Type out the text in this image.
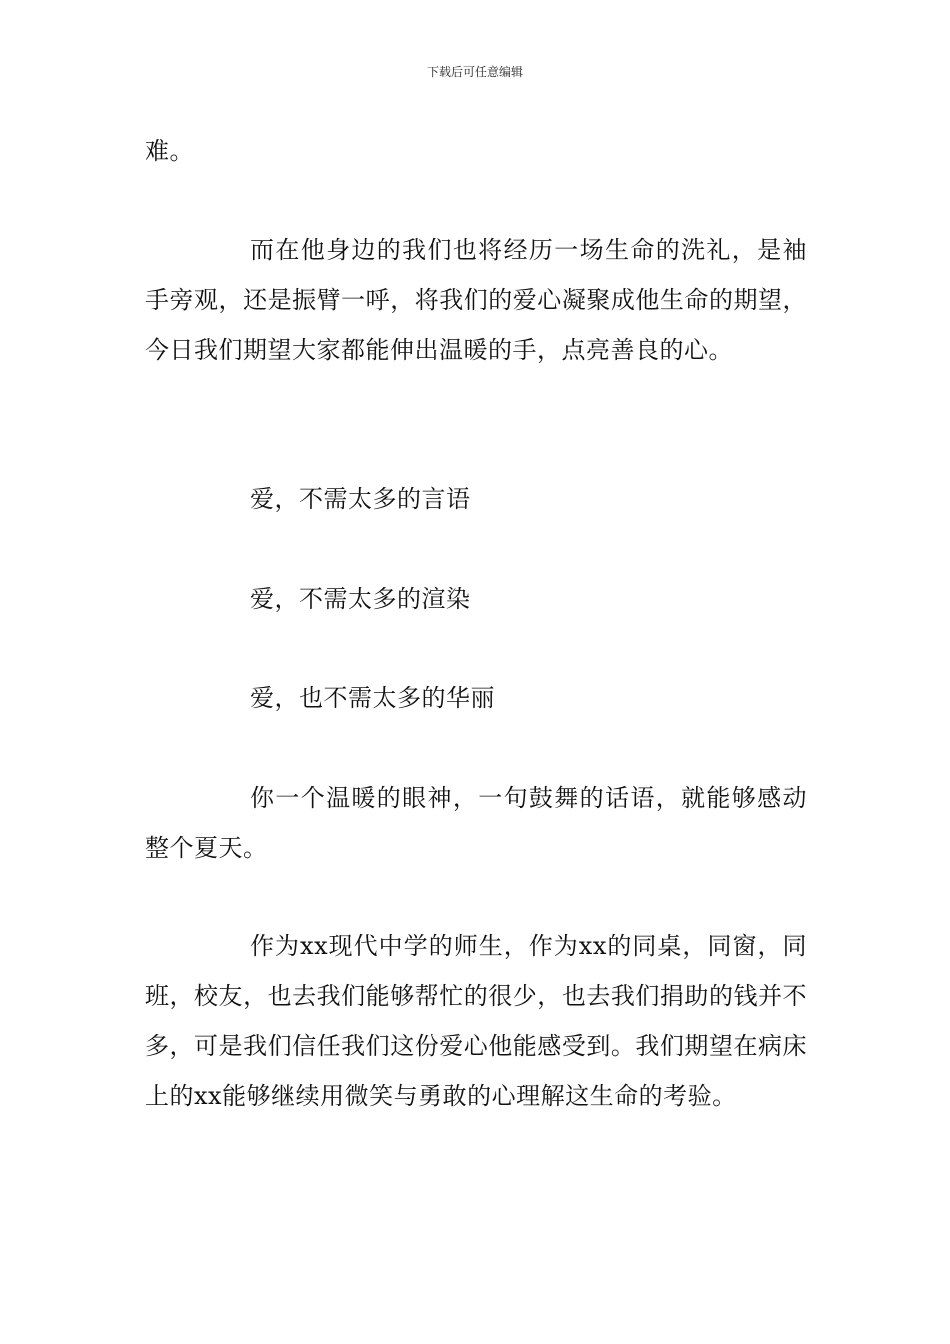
下载后可任意编辑

难。

而在他身边的我们也将经历一场生命的洗礼，是袖手旁观，还是振臂一呼，将我们的爱心凝聚成他生命的期望，今日我们期望大家都能伸出温暖的手，点亮善良的心。

爱，不需太多的言语

爱，不需太多的渲染

爱，也不需太多的华丽

你一个温暖的眼神，一句鼓舞的话语，就能够感动整个夏天。

作为xx现代中学的师生，作为xx的同桌，同窗，同班，校友，也去我们能够帮忙的很少，也去我们捐助的钱并不多，可是我们信任我们这份爱心他能感受到。我们期望在病床上的xx能够继续用微笑与勇敢的心理解这生命的考验。
